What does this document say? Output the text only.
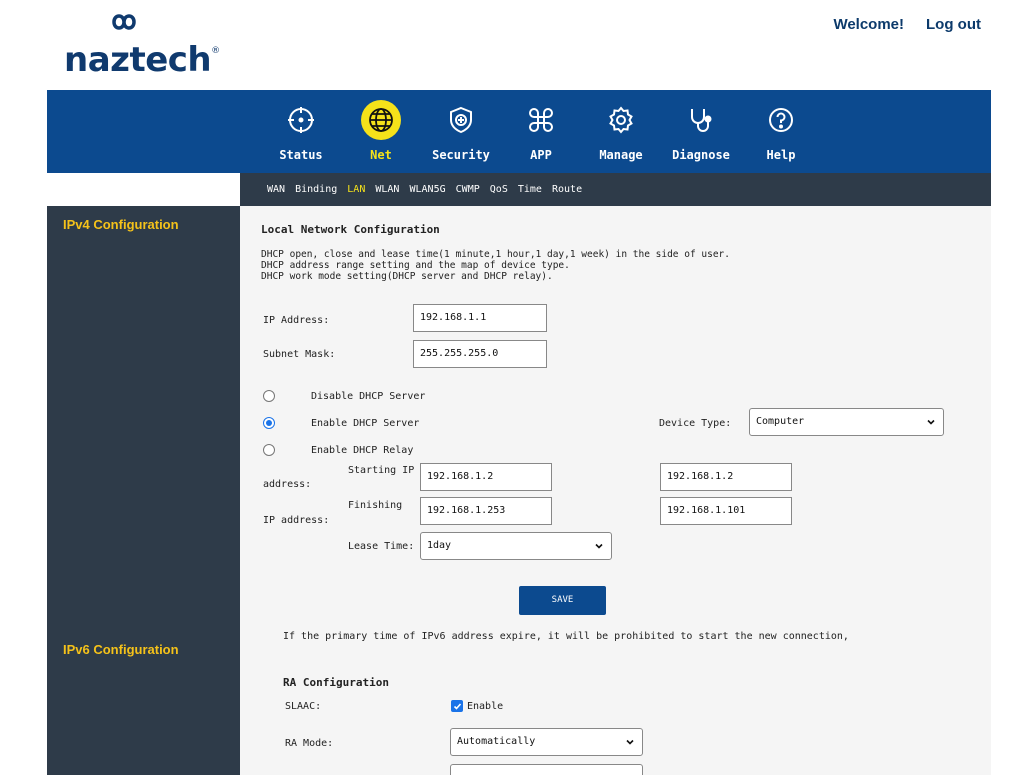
naztech®
Welcome! Log out
Status	Net	Security	APP	Manage	Diagnose	Help
WAN Binding LAN WLAN WLAN5G CWMP QoS Time Route
IPv4 Configuration
IPv6 Configuration
Local Network Configuration
DHCP open, close and lease time(1 minute,1 hour,1 day,1 week) in the side of user.
DHCP address range setting and the map of device type.
DHCP work mode setting(DHCP server and DHCP relay).
IP Address:	192.168.1.1
Subnet Mask:	255.255.255.0
Disable DHCP Server
Enable DHCP Server	Device Type:	Computer
Enable DHCP Relay
Starting IP
address:
192.168.1.2	192.168.1.2
Finishing
IP address:
192.168.1.253	192.168.1.101
Lease Time:	1day
SAVE
If the primary time of IPv6 address expire, it will be prohibited to start the new connection,
RA Configuration
SLAAC:	Enable
RA Mode:	Automatically
